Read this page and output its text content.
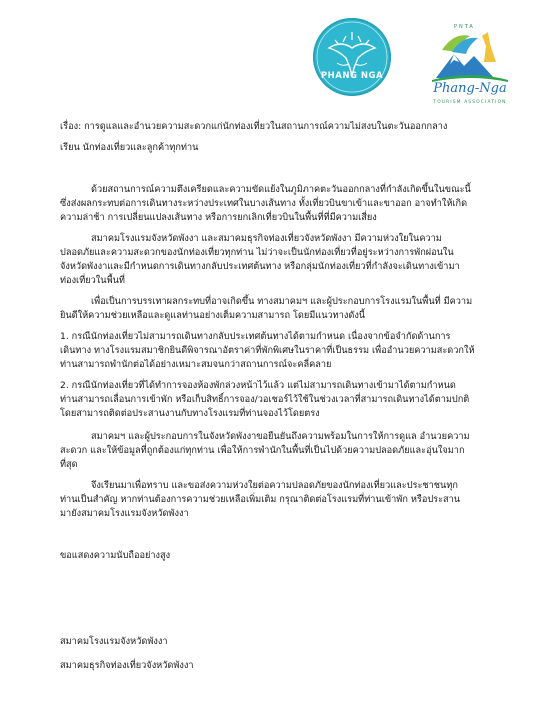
PHANG NGA
PNTA
Phang-Nga
TOURISM ASSOCIATION
เรื่อง: การดูแลและอำนวยความสะดวกแก่นักท่องเที่ยวในสถานการณ์ความไม่สงบในตะวันออกกลาง
เรียน นักท่องเที่ยวและลูกค้าทุกท่าน
ด้วยสถานการณ์ความตึงเครียดและความขัดแย้งในภูมิภาคตะวันออกกลางที่กำลังเกิดขึ้นในขณะนี้
ซึ่งส่งผลกระทบต่อการเดินทางระหว่างประเทศในบางเส้นทาง ทั้งเที่ยวบินขาเข้าและขาออก อาจทำให้เกิด
ความล่าช้า การเปลี่ยนแปลงเส้นทาง หรือการยกเลิกเที่ยวบินในพื้นที่ที่มีความเสี่ยง
สมาคมโรงแรมจังหวัดพังงา และสมาคมธุรกิจท่องเที่ยวจังหวัดพังงา มีความห่วงใยในความ
ปลอดภัยและความสะดวกของนักท่องเที่ยวทุกท่าน ไม่ว่าจะเป็นนักท่องเที่ยวที่อยู่ระหว่างการพักผ่อนใน
จังหวัดพังงาและมีกำหนดการเดินทางกลับประเทศต้นทาง หรือกลุ่มนักท่องเที่ยวที่กำลังจะเดินทางเข้ามา
ท่องเที่ยวในพื้นที่
เพื่อเป็นการบรรเทาผลกระทบที่อาจเกิดขึ้น ทางสมาคมฯ และผู้ประกอบการโรงแรมในพื้นที่ มีความ
ยินดีให้ความช่วยเหลือและดูแลท่านอย่างเต็มความสามารถ โดยมีแนวทางดังนี้
1. กรณีนักท่องเที่ยวไม่สามารถเดินทางกลับประเทศต้นทางได้ตามกำหนด เนื่องจากข้อจำกัดด้านการ
เดินทาง ทางโรงแรมสมาชิกยินดีพิจารณาอัตราค่าที่พักพิเศษในราคาที่เป็นธรรม เพื่ออำนวยความสะดวกให้
ท่านสามารถพำนักต่อได้อย่างเหมาะสมจนกว่าสถานการณ์จะคลี่คลาย
2. กรณีนักท่องเที่ยวที่ได้ทำการจองห้องพักล่วงหน้าไว้แล้ว แต่ไม่สามารถเดินทางเข้ามาได้ตามกำหนด
ท่านสามารถเลื่อนการเข้าพัก หรือเก็บสิทธิ์การจอง/วอเชอร์ไว้ใช้ในช่วงเวลาที่สามารถเดินทางได้ตามปกติ
โดยสามารถติดต่อประสานงานกับทางโรงแรมที่ท่านจองไว้โดยตรง
สมาคมฯ และผู้ประกอบการในจังหวัดพังงาขอยืนยันถึงความพร้อมในการให้การดูแล อำนวยความ
สะดวก และให้ข้อมูลที่ถูกต้องแก่ทุกท่าน เพื่อให้การพำนักในพื้นที่เป็นไปด้วยความปลอดภัยและอุ่นใจมาก
ที่สุด
จึงเรียนมาเพื่อทราบ และขอส่งความห่วงใยต่อความปลอดภัยของนักท่องเที่ยวและประชาชนทุก
ท่านเป็นสำคัญ หากท่านต้องการความช่วยเหลือเพิ่มเติม กรุณาติดต่อโรงแรมที่ท่านเข้าพัก หรือประสาน
มายังสมาคมโรงแรมจังหวัดพังงา
ขอแสดงความนับถืออย่างสูง
สมาคมโรงแรมจังหวัดพังงา
สมาคมธุรกิจท่องเที่ยวจังหวัดพังงา
